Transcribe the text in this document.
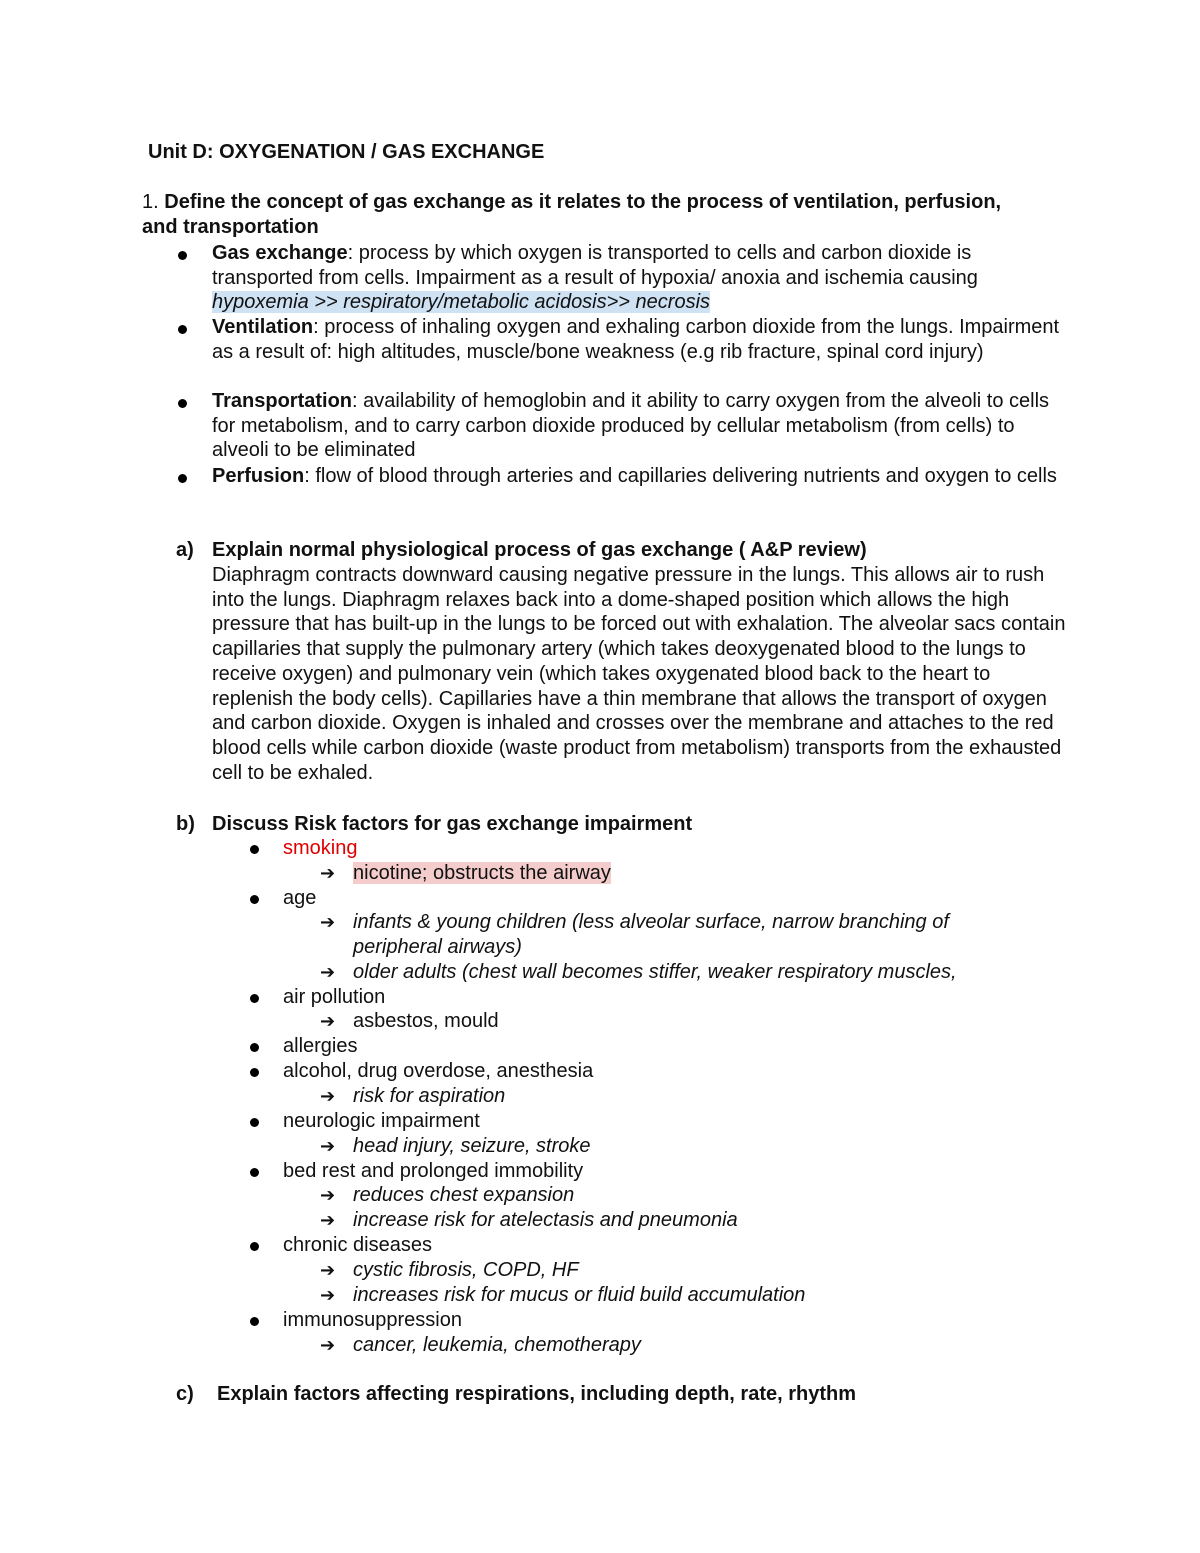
Unit D: OXYGENATION / GAS EXCHANGE
1. Define the concept of gas exchange as it relates to the process of ventilation, perfusion, and transportation
Gas exchange: process by which oxygen is transported to cells and carbon dioxide is transported from cells. Impairment as a result of hypoxia/ anoxia and ischemia causing hypoxemia >> respiratory/metabolic acidosis>> necrosis
Ventilation: process of inhaling oxygen and exhaling carbon dioxide from the lungs. Impairment as a result of: high altitudes, muscle/bone weakness (e.g rib fracture, spinal cord injury)
Transportation: availability of hemoglobin and it ability to carry oxygen from the alveoli to cells for metabolism, and to carry carbon dioxide produced by cellular metabolism (from cells) to alveoli to be eliminated
Perfusion: flow of blood through arteries and capillaries delivering nutrients and oxygen to cells
a) Explain normal physiological process of gas exchange ( A&P review)
Diaphragm contracts downward causing negative pressure in the lungs. This allows air to rush into the lungs. Diaphragm relaxes back into a dome-shaped position which allows the high pressure that has built-up in the lungs to be forced out with exhalation. The alveolar sacs contain capillaries that supply the pulmonary artery (which takes deoxygenated blood to the lungs to receive oxygen) and pulmonary vein (which takes oxygenated blood back to the heart to replenish the body cells). Capillaries have a thin membrane that allows the transport of oxygen and carbon dioxide. Oxygen is inhaled and crosses over the membrane and attaches to the red blood cells while carbon dioxide (waste product from metabolism) transports from the exhausted cell to be exhaled.
b) Discuss Risk factors for gas exchange impairment
smoking
➔ nicotine; obstructs the airway
age
➔ infants & young children (less alveolar surface, narrow branching of peripheral airways)
➔ older adults (chest wall becomes stiffer, weaker respiratory muscles,
air pollution
➔ asbestos, mould
allergies
alcohol, drug overdose, anesthesia
➔ risk for aspiration
neurologic impairment
➔ head injury, seizure, stroke
bed rest and prolonged immobility
➔ reduces chest expansion
➔ increase risk for atelectasis and pneumonia
chronic diseases
➔ cystic fibrosis, COPD, HF
➔ increases risk for mucus or fluid build accumulation
immunosuppression
➔ cancer, leukemia, chemotherapy
c) Explain factors affecting respirations, including depth, rate, rhythm
